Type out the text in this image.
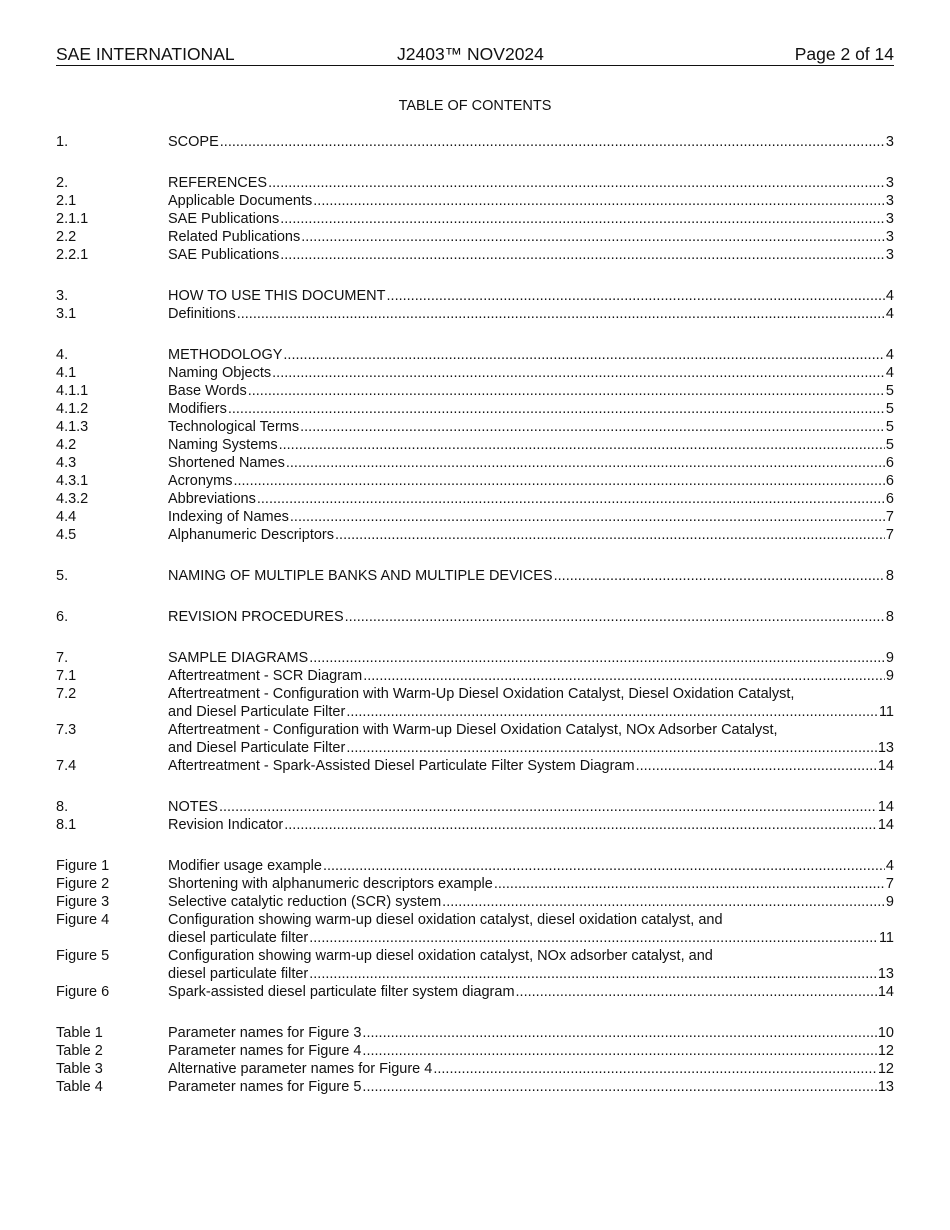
SAE INTERNATIONAL	J2403™ NOV2024	Page 2 of 14
TABLE OF CONTENTS
1.	SCOPE .....	3
2.	REFERENCES .....	3
2.1	Applicable Documents .....	3
2.1.1	SAE Publications .....	3
2.2	Related Publications .....	3
2.2.1	SAE Publications .....	3
3.	HOW TO USE THIS DOCUMENT .....	4
3.1	Definitions .....	4
4.	METHODOLOGY .....	4
4.1	Naming Objects .....	4
4.1.1	Base Words .....	5
4.1.2	Modifiers .....	5
4.1.3	Technological Terms .....	5
4.2	Naming Systems .....	5
4.3	Shortened Names .....	6
4.3.1	Acronyms .....	6
4.3.2	Abbreviations .....	6
4.4	Indexing of Names .....	7
4.5	Alphanumeric Descriptors .....	7
5.	NAMING OF MULTIPLE BANKS AND MULTIPLE DEVICES .....	8
6.	REVISION PROCEDURES .....	8
7.	SAMPLE DIAGRAMS .....	9
7.1	Aftertreatment - SCR Diagram .....	9
7.2	Aftertreatment - Configuration with Warm-Up Diesel Oxidation Catalyst, Diesel Oxidation Catalyst,
and Diesel Particulate Filter .....	11
7.3	Aftertreatment - Configuration with Warm-up Diesel Oxidation Catalyst, NOx Adsorber Catalyst,
and Diesel Particulate Filter .....	13
7.4	Aftertreatment - Spark-Assisted Diesel Particulate Filter System Diagram .....	14
8.	NOTES .....	14
8.1	Revision Indicator .....	14
Figure 1	Modifier usage example .....	4
Figure 2	Shortening with alphanumeric descriptors example .....	7
Figure 3	Selective catalytic reduction (SCR) system .....	9
Figure 4	Configuration showing warm-up diesel oxidation catalyst, diesel oxidation catalyst, and
diesel particulate filter .....	11
Figure 5	Configuration showing warm-up diesel oxidation catalyst, NOx adsorber catalyst, and
diesel particulate filter .....	13
Figure 6	Spark-assisted diesel particulate filter system diagram .....	14
Table 1	Parameter names for Figure 3 .....	10
Table 2	Parameter names for Figure 4 .....	12
Table 3	Alternative parameter names for Figure 4 .....	12
Table 4	Parameter names for Figure 5 .....	13
